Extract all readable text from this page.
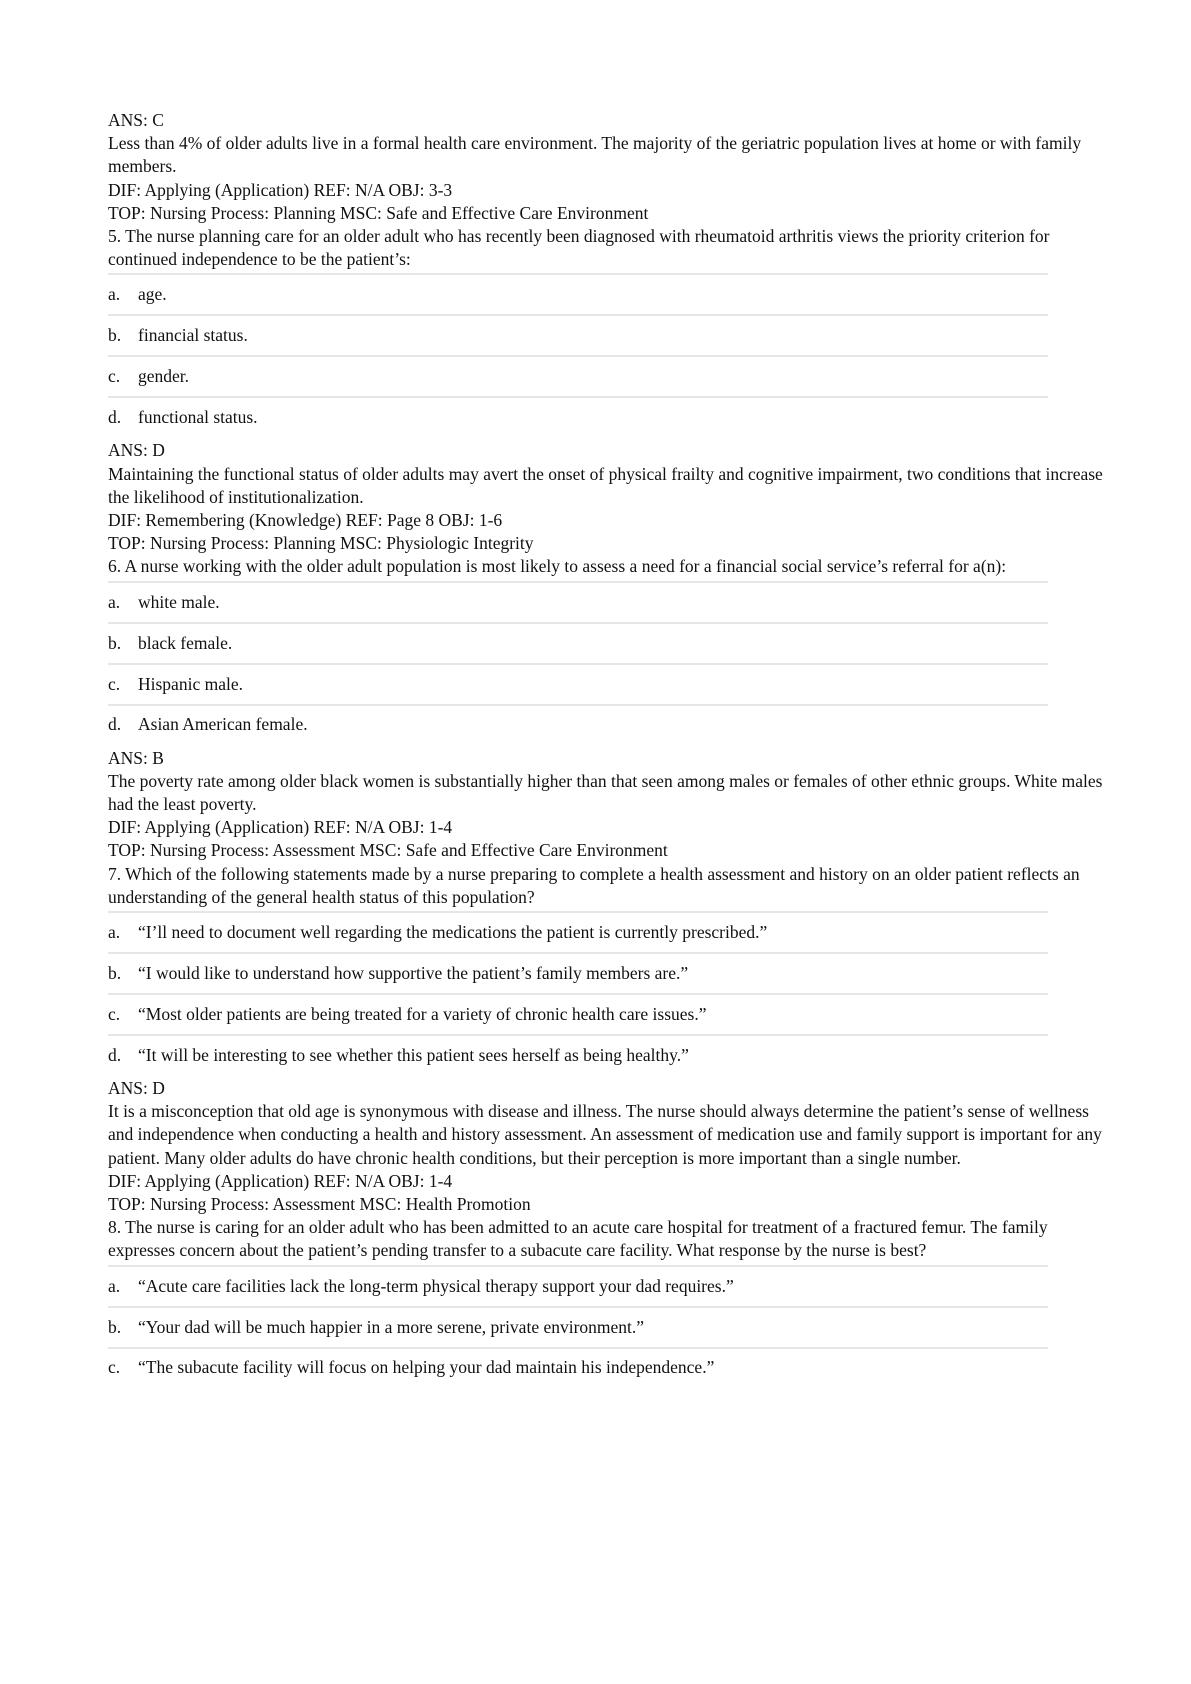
ANS: C
Less than 4% of older adults live in a formal health care environment. The majority of the geriatric population lives at home or with family members.
DIF: Applying (Application) REF: N/A OBJ: 3-3
TOP: Nursing Process: Planning MSC: Safe and Effective Care Environment
5. The nurse planning care for an older adult who has recently been diagnosed with rheumatoid arthritis views the priority criterion for continued independence to be the patient’s:
a.	age.
b. financial status.
c.	gender.
d. functional status.
ANS: D
Maintaining the functional status of older adults may avert the onset of physical frailty and cognitive impairment, two conditions that increase the likelihood of institutionalization.
DIF: Remembering (Knowledge) REF: Page 8 OBJ: 1-6
TOP: Nursing Process: Planning MSC: Physiologic Integrity
6. A nurse working with the older adult population is most likely to assess a need for a financial social service’s referral for a(n):
a.	white male.
b. black female.
c.	Hispanic male.
d. Asian American female.
ANS: B
The poverty rate among older black women is substantially higher than that seen among males or females of other ethnic groups. White males had the least poverty.
DIF: Applying (Application) REF: N/A OBJ: 1-4
TOP: Nursing Process: Assessment MSC: Safe and Effective Care Environment
7. Which of the following statements made by a nurse preparing to complete a health assessment and history on an older patient reflects an understanding of the general health status of this population?
a.	“I’ll need to document well regarding the medications the patient is currently prescribed.”
b. “I would like to understand how supportive the patient’s family members are.”
c.	“Most older patients are being treated for a variety of chronic health care issues.”
d. “It will be interesting to see whether this patient sees herself as being healthy.”
ANS: D
It is a misconception that old age is synonymous with disease and illness. The nurse should always determine the patient’s sense of wellness and independence when conducting a health and history assessment. An assessment of medication use and family support is important for any patient. Many older adults do have chronic health conditions, but their perception is more important than a single number.
DIF: Applying (Application) REF: N/A OBJ: 1-4
TOP: Nursing Process: Assessment MSC: Health Promotion
8. The nurse is caring for an older adult who has been admitted to an acute care hospital for treatment of a fractured femur. The family expresses concern about the patient’s pending transfer to a subacute care facility. What response by the nurse is best?
a.	“Acute care facilities lack the long-term physical therapy support your dad requires.”
b. “Your dad will be much happier in a more serene, private environment.”
c.	“The subacute facility will focus on helping your dad maintain his independence.”
